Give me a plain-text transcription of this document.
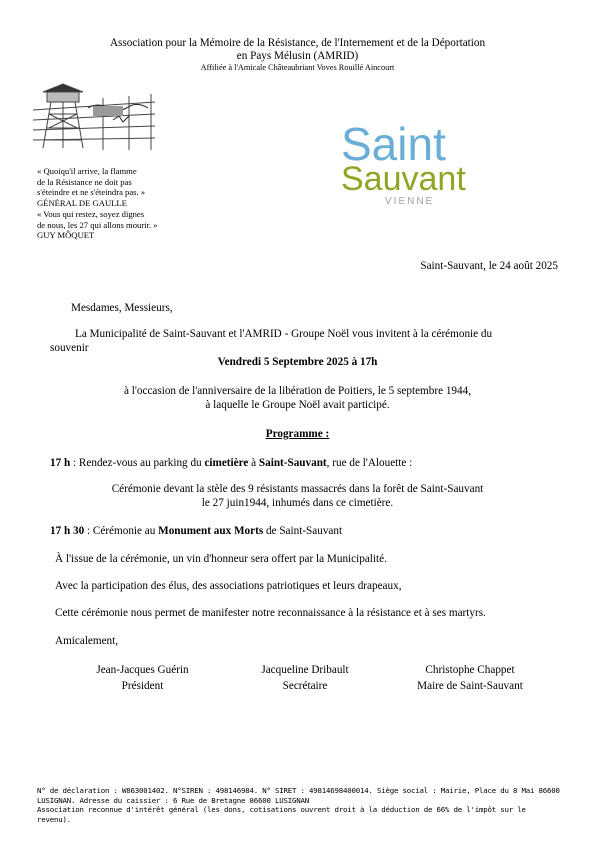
Association pour la Mémoire de la Résistance, de l'Internement et de la Déportation
en Pays Mélusin (AMRID)
Affiliée à l'Amicale Châteaubriant Voves Rouillé Aincourt
Saint
Sauvant
VIENNE
« Quoiqu'il arrive, la flamme
de la Résistance ne doit pas
s'éteindre et ne s'éteindra pas. »
GÉNÉRAL DE GAULLE
« Vous qui restez, soyez dignes
de nous, les 27 qui allons mourir. »
GUY MÔQUET
Saint-Sauvant, le 24 août 2025
Mesdames, Messieurs,
La Municipalité de Saint-Sauvant et l'AMRID - Groupe Noël vous invitent à la cérémonie du
souvenir
Vendredi 5 Septembre 2025 à 17h
à l'occasion de l'anniversaire de la libération de Poitiers, le 5 septembre 1944,
à laquelle le Groupe Noël avait participé.
Programme :
17 h : Rendez-vous au parking du cimetière à Saint-Sauvant, rue de l'Alouette :
Cérémonie devant la stèle des 9 résistants massacrés dans la forêt de Saint-Sauvant
le 27 juin1944, inhumés dans ce cimetière.
17 h 30 : Cérémonie au Monument aux Morts de Saint-Sauvant
À l'issue de la cérémonie, un vin d'honneur sera offert par la Municipalité.
Avec la participation des élus, des associations patriotiques et leurs drapeaux,
Cette cérémonie nous permet de manifester notre reconnaissance à la résistance et à ses martyrs.
Amicalement,
Jean-Jacques Guérin
Président
Jacqueline Dribault
Secrétaire
Christophe Chappet
Maire de Saint-Sauvant
N° de déclaration : W863001402. N°SIREN : 498146984. N° SIRET : 49814698400014. Siège social : Mairie, Place du 8 Mai 86600
LUSIGNAN. Adresse du caissier : 6 Rue de Bretagne 86600 LUSIGNAN
Association reconnue d'intérêt général (les dons, cotisations ouvrent droit à la déduction de 66% de l'impôt sur le revenu).
